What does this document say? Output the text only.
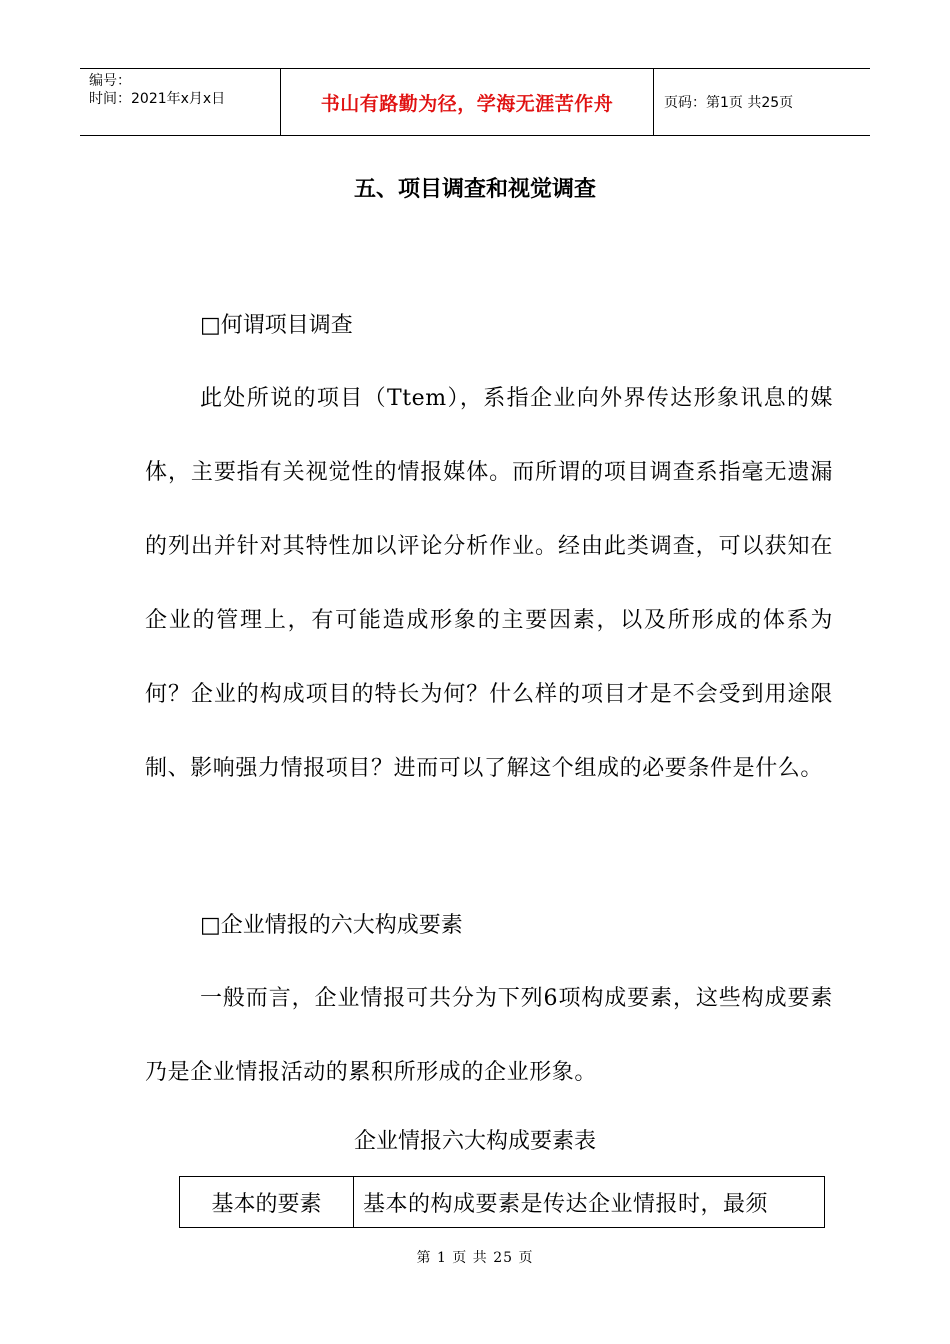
编号：
时间：2021年x月x日	书山有路勤为径，学海无涯苦作舟	页码：第1页 共25页
五、项目调查和视觉调查
□何谓项目调查
此处所说的项目（Ttem），系指企业向外界传达形象讯息的媒体，主要指有关视觉性的情报媒体。而所谓的项目调查系指毫无遗漏的列出并针对其特性加以评论分析作业。经由此类调查，可以获知在企业的管理上，有可能造成形象的主要因素，以及所形成的体系为何？企业的构成项目的特长为何？什么样的项目才是不会受到用途限制、影响强力情报项目？进而可以了解这个组成的必要条件是什么。
□企业情报的六大构成要素
一般而言，企业情报可共分为下列6项构成要素，这些构成要素乃是企业情报活动的累积所形成的企业形象。
企业情报六大构成要素表
基本的要素	基本的构成要素是传达企业情报时，最须
第 1 页 共 25 页
